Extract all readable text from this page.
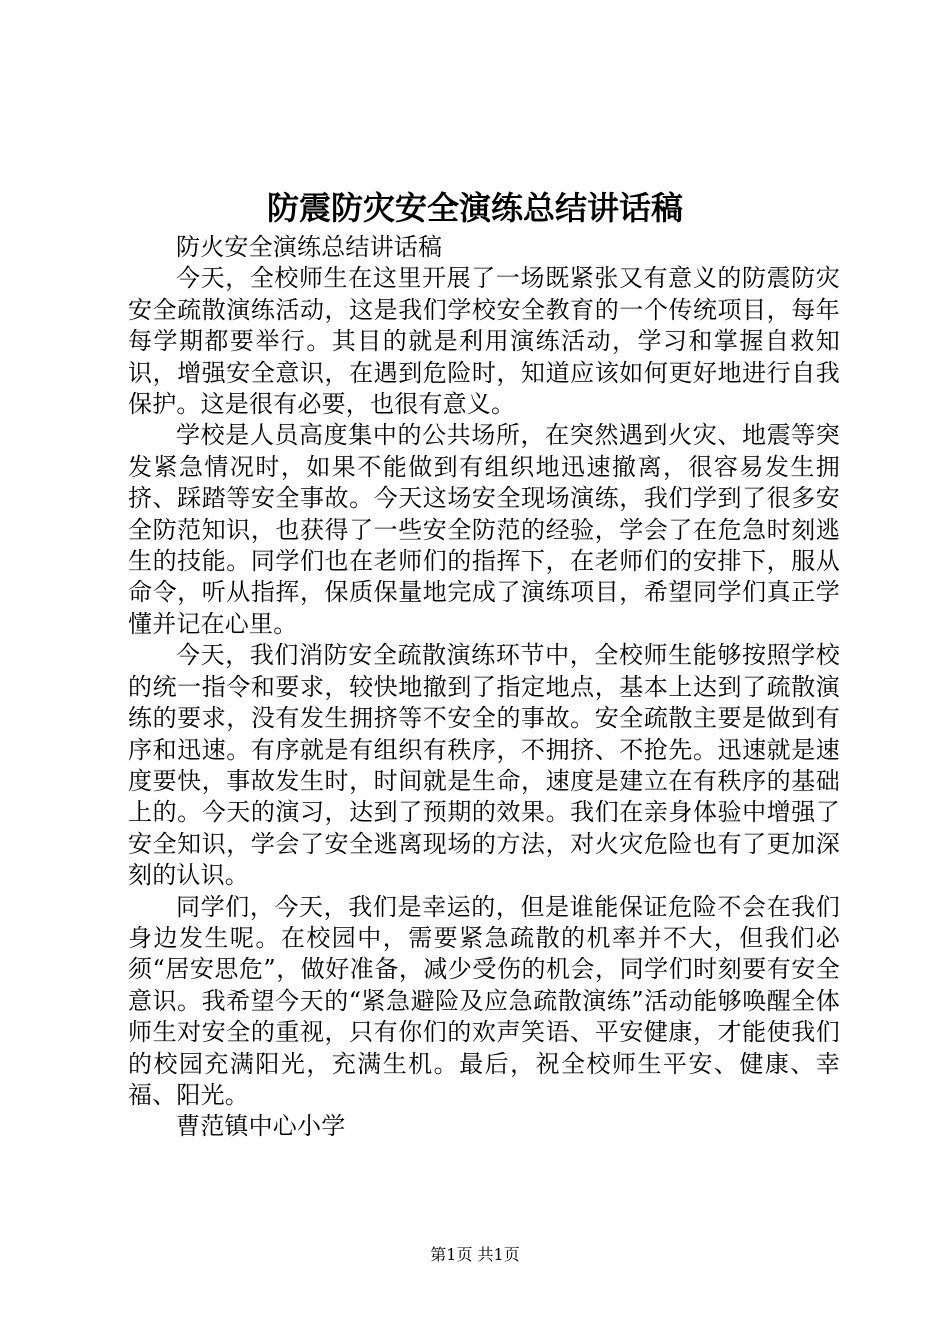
防震防灾安全演练总结讲话稿

防火安全演练总结讲话稿

今天，全校师生在这里开展了一场既紧张又有意义的防震防灾安全疏散演练活动，这是我们学校安全教育的一个传统项目，每年每学期都要举行。其目的就是利用演练活动，学习和掌握自救知识，增强安全意识，在遇到危险时，知道应该如何更好地进行自我保护。这是很有必要，也很有意义。

学校是人员高度集中的公共场所，在突然遇到火灾、地震等突发紧急情况时，如果不能做到有组织地迅速撤离，很容易发生拥挤、踩踏等安全事故。今天这场安全现场演练，我们学到了很多安全防范知识，也获得了一些安全防范的经验，学会了在危急时刻逃生的技能。同学们也在老师们的指挥下，在老师们的安排下，服从命令，听从指挥，保质保量地完成了演练项目，希望同学们真正学懂并记在心里。

今天，我们消防安全疏散演练环节中，全校师生能够按照学校的统一指令和要求，较快地撤到了指定地点，基本上达到了疏散演练的要求，没有发生拥挤等不安全的事故。安全疏散主要是做到有序和迅速。有序就是有组织有秩序，不拥挤、不抢先。迅速就是速度要快，事故发生时，时间就是生命，速度是建立在有秩序的基础上的。今天的演习，达到了预期的效果。我们在亲身体验中增强了安全知识，学会了安全逃离现场的方法，对火灾危险也有了更加深刻的认识。

同学们，今天，我们是幸运的，但是谁能保证危险不会在我们身边发生呢。在校园中，需要紧急疏散的机率并不大，但我们必须“居安思危”，做好准备，减少受伤的机会，同学们时刻要有安全意识。我希望今天的“紧急避险及应急疏散演练”活动能够唤醒全体师生对安全的重视，只有你们的欢声笑语、平安健康，才能使我们的校园充满阳光，充满生机。最后，祝全校师生平安、健康、幸福、阳光。

曹范镇中心小学

第1页 共1页
